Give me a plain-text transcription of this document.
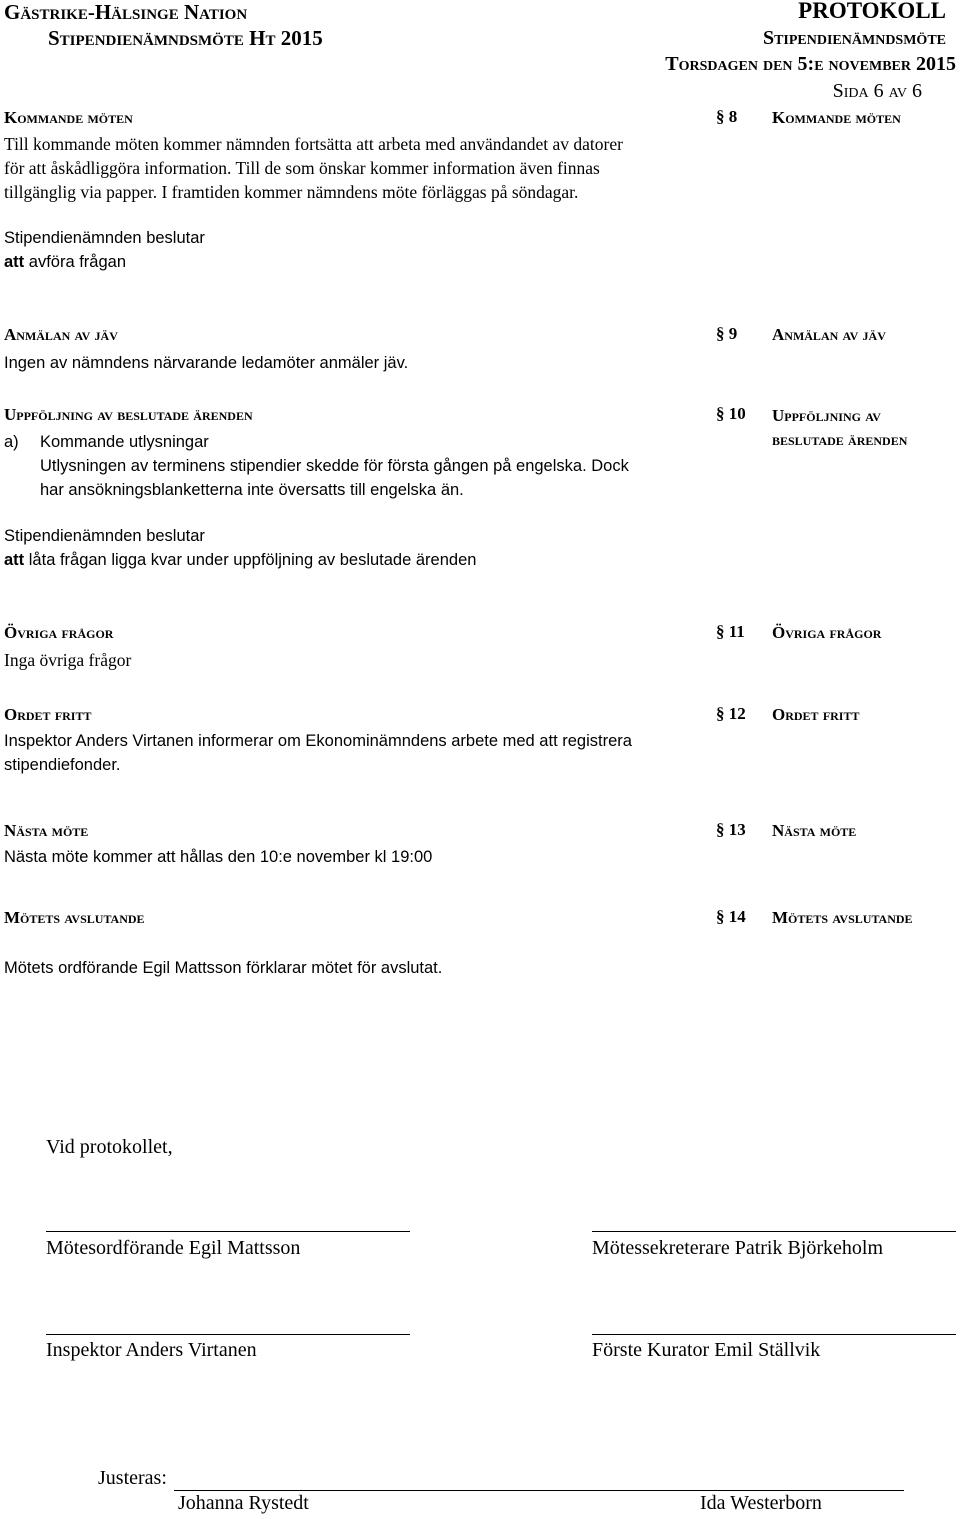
Gästrike-Hälsinge Nation
Stipendienämndsmöte Ht 2015
PROTOKOLL
Stipendienämndsmöte
Torsdagen den 5:e november 2015
Sida 6 av 6
Kommande möten	§ 8 Kommande möten
Till kommande möten kommer nämnden fortsätta att arbeta med användandet av datorer
för att åskådliggöra information. Till de som önskar kommer information även finnas
tillgänglig via papper. I framtiden kommer nämndens möte förläggas på söndagar.
Stipendienämnden beslutar
att avföra frågan
Anmälan av jäv	§ 9 Anmälan av jäv
Ingen av nämndens närvarande ledamöter anmäler jäv.
Uppföljning av beslutade ärenden	§ 10 Uppföljning av
beslutade ärenden
a) Kommande utlysningar
Utlysningen av terminens stipendier skedde för första gången på engelska. Dock
har ansökningsblanketterna inte översatts till engelska än.
Stipendienämnden beslutar
att låta frågan ligga kvar under uppföljning av beslutade ärenden
Övriga frågor	§ 11 Övriga frågor
Inga övriga frågor
Ordet fritt	§ 12 Ordet fritt
Inspektor Anders Virtanen informerar om Ekonominämndens arbete med att registrera
stipendiefonder.
Nästa möte	§ 13 Nästa möte
Nästa möte kommer att hållas den 10:e november kl 19:00
Mötets avslutande	§ 14 Mötets avslutande
Mötets ordförande Egil Mattsson förklarar mötet för avslutat.
Vid protokollet,
Mötesordförande Egil Mattsson	Mötessekreterare Patrik Björkeholm
Inspektor Anders Virtanen	Förste Kurator Emil Ställvik
Justeras:
Johanna Rystedt	Ida Westerborn
